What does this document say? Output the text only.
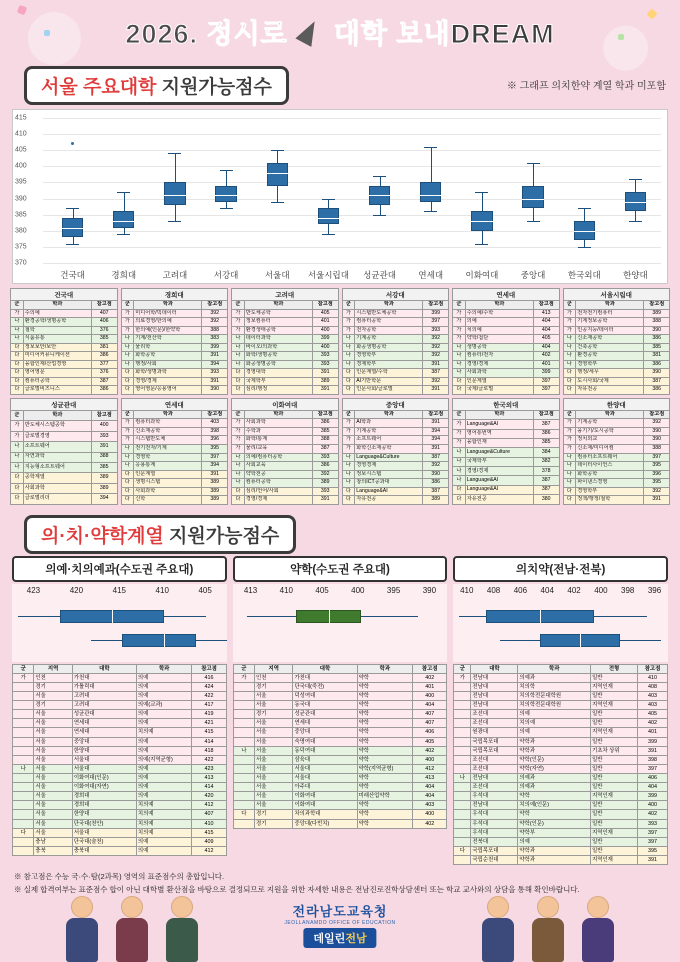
2026. 정시로 대학 보내DREAM
서울 주요대학 지원가능점수	※ 그래프 의치한약 계열 학과 미포함
370
375
380
385
390
395
400
405
410
415
건국대	경희대	고려대	서강대	서울대 서울시립대 성균관대	연세대	이화여대	중앙대	한국외대	한양대
건국대
군	학과	참고점
가	수의예	407
나	환경공학/생명공학	406
나	철학	376
나	식품유통	385
다	정보보안/보안	381
다	미디어커뮤니케이션	386
다	융합인재/산업경영	377
다	영어영문	376
다	컴퓨터공학	387
다	글로벌비즈니스	386
경희대
군	학과	참고점
가	미디어학/빅데이터	392
가	의료경영/한의예	392
가	한의예(인문)/한약학	388
나	기계/전산학	383
나	물리학	399
나	화학공학	391
나	행정/사회	394
다	화학/생명과학	393
다	경영/경제	391
다	영어영문/응용영어	390
고려대
군	학과	참고점
가	반도체공학	405
가	정보컴퓨터	401
가	환경생태공학	400
나	데이터과학	399
나	바이오/의과학	400
나	화학/생명공학	393
나	화공생명공학	393
다	경영대학	391
다	국제학부	389
다	심리/행정	391
서강대
군	학과	참고점
가	시스템반도체공학	399
가	컴퓨터공학	397
가	전자공학	393
나	기계공학	392
나	화공생명공학	392
나	경영학부	392
나	경제학부	391
다	인문계열/수학	387
다	AI기반학문	392
다	인문사회/글로벌	391
연세대
군	학과	참고점
가	수의예/수학	413
가	의예	404
가	치의예	404
가	약학/첨단	405
나	생명공학	404
나	컴퓨터/전자	402
나	경영/경제	401
나	사회과학	399
다	인문계열	397
다	국제/글로벌	397
서울시립대
군	학과	참고점
가	전자전기컴퓨터	389
가	기계정보공학	388
가	인공지능/데이터	390
나	신소재공학	386
나	건축공학	385
나	환경공학	381
나	경영학부	386
다	행정/세무	390
다	도시사회/국제	387
다	자유전공	386
성균관대
군	학과	참고점
가	반도체시스템공학	400
가	글로벌경영	393
나	소프트웨어	391
나	자연과학	388
나	지능형소프트웨어	385
다	공학계열	389
다	사회과학	389
다	글로벌리더	394
연세대
군	학과	참고점
가	컴퓨터과학	403
가	신소재공학	398
가	시스템반도체	396
나	전기전자/기계	395
나	경영학	397
나	응용통계	394
다	인문계열	391
다	생명시스템	389
다	사회과학	389
다	신학	389
이화여대
군	학과	참고점
가	사회과학	386
가	수학과	385
가	화학/통계	388
가	물리/교육	387
나	의예/컴퓨터공학	393
나	사회교육	386
나	약학전공	392
나	컴퓨터공학	389
다	심리/언어/사회	393
다	경영/경제	391
중앙대
군	학과	참고점
가	AI학과	391
가	기계공학	394
가	소프트웨어	394
가	화학신소재공학	391
나	Language&Culture	387
나	경영경제	392
나	정보시스템	390
나	창의ICT공과대	386
다	Language&AI	387
다	자유전공	389
한국외대
군	학과	참고점
가	Language&AI	387
가	영어통번역	386
가	융합인재	385
나	Language&Culture	384
나	국제학부	382
나	경영/경제	378
나	Language&AI	387
다	Language&AI	387
다	자유전공	380
한양대
군	학과	참고점
가	기계공학	392
가	융기기/도시공학	390
가	정치외교	390
가	신소재/미디어컴	388
나	컴퓨터소프트웨어	397
나	데이터사이언스	395
나	화학공학	396
나	파이낸스경영	395
다	경영학부	392
다	정책/행정/철학	391
의·치·약학계열 지원가능점수
의예·치의예과(수도권 주요대)	약학(수도권 주요대)	의치약(전남·전북)
423	420	415	410	405	413	410	405	400	395	390	410 408 406 404 402 400 398 396
군	지역	대학	학과	참고점
가	인천	가천대	의예	416
	경기	가톨릭대	의예	424
	서울	고려대	의예	422
	경기	고려대	의예(교과)	417
	서울	성균관대	의예	419
	서울	연세대	의예	421
	서울	연세대	치의예	415
	서울	중앙대	의예	414
	서울	한양대	의예	418
	서울	서울대	의예(지역균형)	422
나	서울	서울대	의예	423
	서울	이화여대(인문)	의예	413
	서울	이화여대(자연)	의예	414
	서울	경희대	의예	420
	서울	경희대	치의예	412
	서울	한양대	치의예	407
	서울	단국대(천안)	치의예	410
다	서울	서울대	치의예	415
	충남	단국대(술천)	의예	409
	충북	충북대	의예	412
군	지역	대학	학과	참고점
가	인천	가천대	약학	402
	경기	단국대(죽전)	약학	401
	서울	덕성여대	약학	400
	서울	동국대	약학	404
	경기	성균관대	약학	407
	서울	연세대	약학	407
	서울	중앙대	약학	406
	서울	숙명여대	약학	405
나	서울	동덕여대	약학	402
	서울	삼육대	약학	400
	서울	서울대	약학(지역균형)	412
	서울	서울대	약학	413
	서울	아주대	약학	404
	서울	이화여대	미래산업약학	404
	서울	이화여대	약학	403
다	경기	차의과학대	약학	400
	경기	중앙대(다빈치)	약학	402
군	대학	학과	전형	참고점
가	전남대	의예과	일반	410
	전남대	치의학	지역인재	408
	전남대	치의학전문대학원	일반	403
	전남대	치의학전문대학원	지역인재	403
	조선대	의예	일반	405
	조선대	치의예	일반	402
	원광대	의예	지역인재	401
	국립목포대	약학과	일반	399
	국립목포대	약학과	기초차 상위	391
	조선대	약학(인문)	일반	398
	조선대	약학(자연)	일반	397
나	전남대	의예과	일반	406
	조선대	의예과	일반	404
	우석대	약학	지역인재	399
	전남대	치의예(인문)	일반	400
	우석대	약학	일반	402
	우석대	약학(인문)	일반	393
	우석대	약학부	지역인재	397
	전북대	의예	일반	397
다	국립목포대	약학과	일반	395
	국립순천대	약학과	지역인재	391
※ 참고점은 수능 국·수·탐(2과목) 영역의 표준점수의 총합입니다.
※ 실제 합격여부는 표준점수 합이 아닌 대학별 환산점을 바탕으로 결정되므로 지원을 위한 자세한 내용은 전남진로진학상담센터 또는 학교 교사와의 상담을 통해 확인바랍니다.
전라남도교육청
JEOLLANAMDO OFFICE OF EDUCATION
데일린전남
